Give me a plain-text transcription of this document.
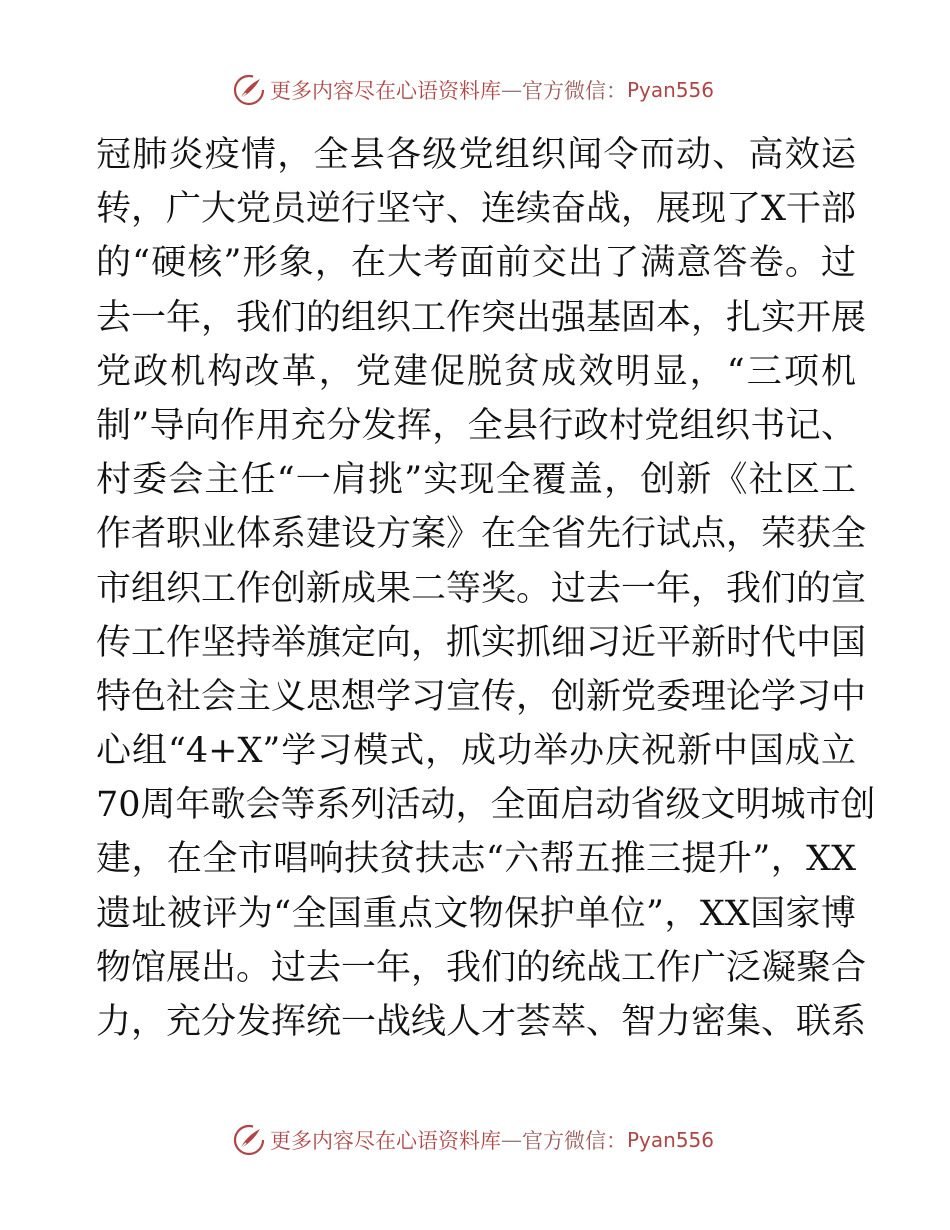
更多内容尽在心语资料库 — 官方微信： Pyan556
冠肺炎疫情，全县各级党组织闻令而动、高效运
转，广大党员逆行坚守、连续奋战，展现了X干部
的“硬核”形象，在大考面前交出了满意答卷。过
去一年，我们的组织工作突出强基固本，扎实开展
党政机构改革，党建促脱贫成效明显，“三项机
制”导向作用充分发挥，全县行政村党组织书记、
村委会主任“一肩挑”实现全覆盖，创新《社区工
作者职业体系建设方案》在全省先行试点，荣获全
市组织工作创新成果二等奖。过去一年，我们的宣
传工作坚持举旗定向，抓实抓细习近平新时代中国
特色社会主义思想学习宣传，创新党委理论学习中
心组“4+X”学习模式，成功举办庆祝新中国成立
70周年歌会等系列活动，全面启动省级文明城市创
建，在全市唱响扶贫扶志“六帮五推三提升”，XX
遗址被评为“全国重点文物保护单位”，XX国家博
物馆展出。过去一年，我们的统战工作广泛凝聚合
力，充分发挥统一战线人才荟萃、智力密集、联系
更多内容尽在心语资料库 — 官方微信： Pyan556
